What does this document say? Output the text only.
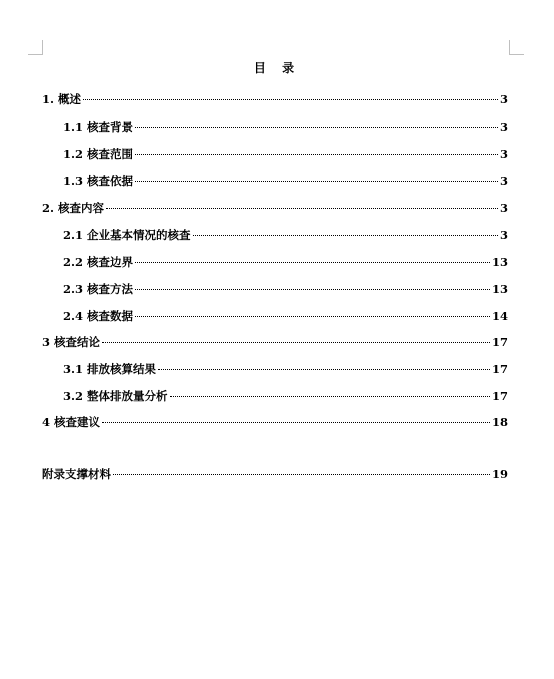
目 录
1. 概述	3
1.1 核查背景	3
1.2 核查范围	3
1.3 核查依据	3
2. 核查内容	3
2.1 企业基本情况的核查	3
2.2 核查边界	13
2.3 核查方法	13
2.4 核查数据	14
3 核查结论	17
3.1 排放核算结果	17
3.2 整体排放量分析	17
4 核查建议	18
附录支撑材料	19
